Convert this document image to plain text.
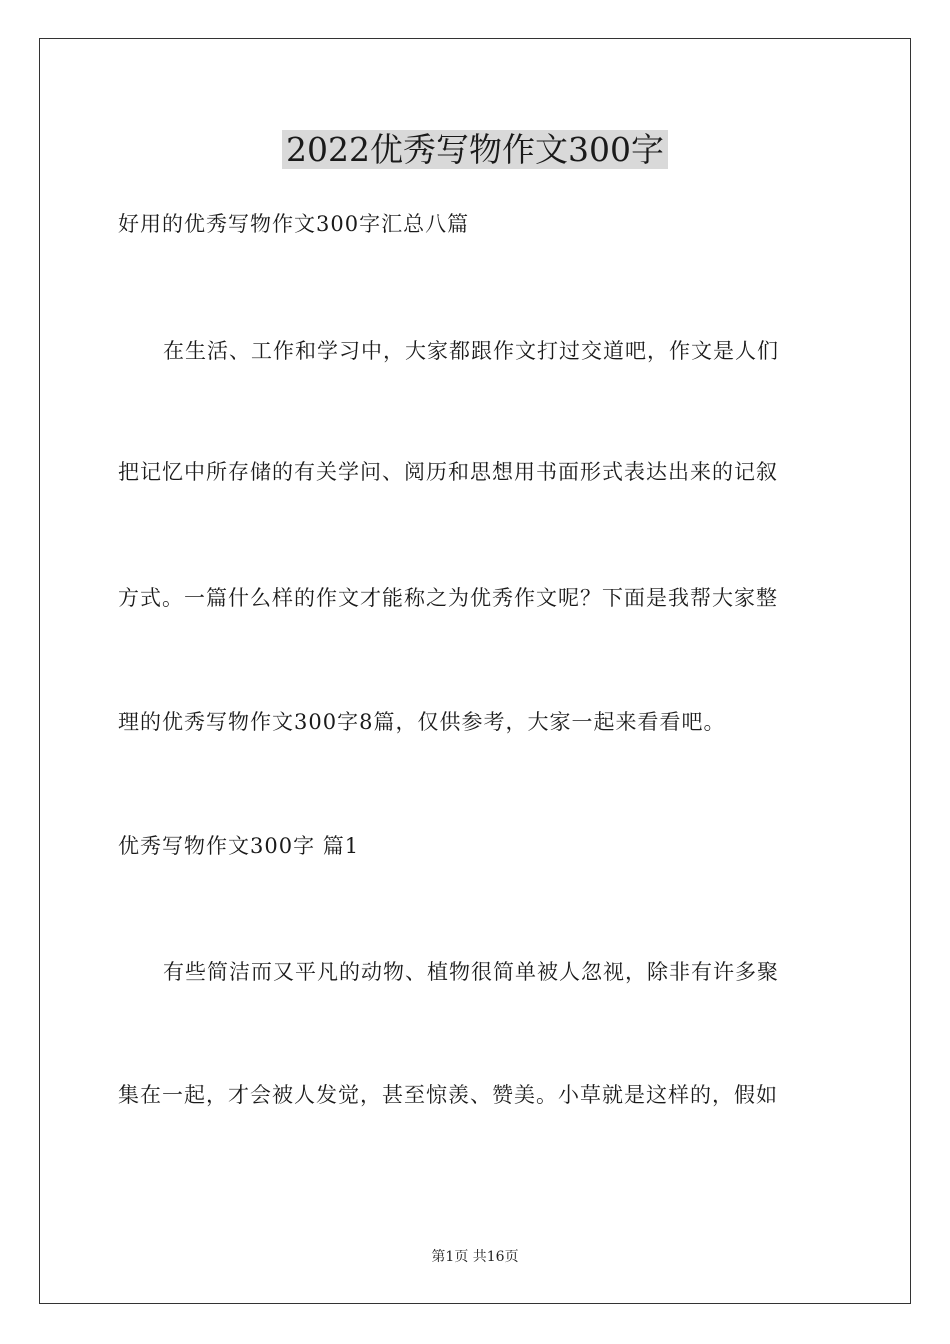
2022优秀写物作文300字
好用的优秀写物作文300字汇总八篇
在生活、工作和学习中，大家都跟作文打过交道吧，作文是人们
把记忆中所存储的有关学问、阅历和思想用书面形式表达出来的记叙
方式。一篇什么样的作文才能称之为优秀作文呢？下面是我帮大家整
理的优秀写物作文300字8篇，仅供参考，大家一起来看看吧。
优秀写物作文300字 篇1
有些简洁而又平凡的动物、植物很简单被人忽视，除非有许多聚
集在一起，才会被人发觉，甚至惊羡、赞美。小草就是这样的，假如
第1页 共16页
